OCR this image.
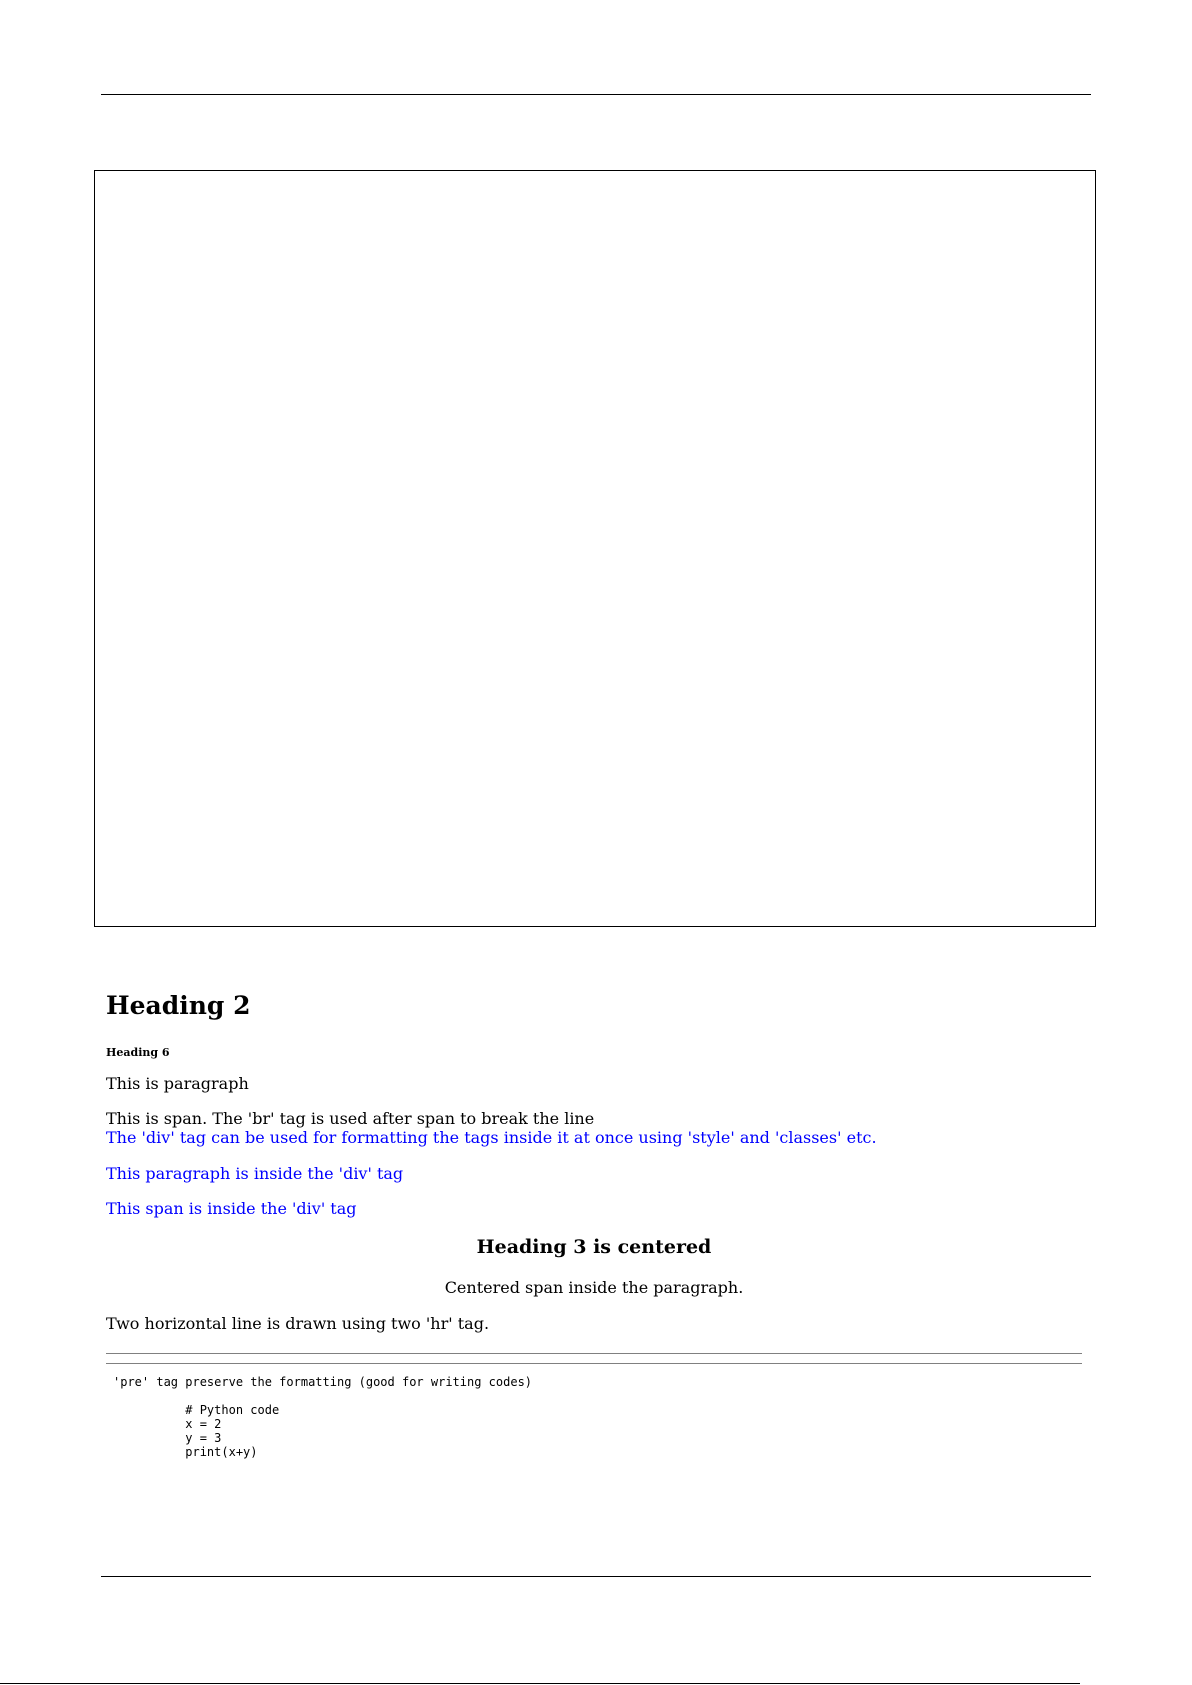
Heading 2
Heading 6
This is paragraph
This is span. The 'br' tag is used after span to break the line
The 'div' tag can be used for formatting the tags inside it at once using 'style' and 'classes' etc.
This paragraph is inside the 'div' tag
This span is inside the 'div' tag
Heading 3 is centered
Centered span inside the paragraph.
Two horizontal line is drawn using two 'hr' tag.
'pre' tag preserve the formatting (good for writing codes)

# Python code
x = 2
y = 3
print(x+y)
